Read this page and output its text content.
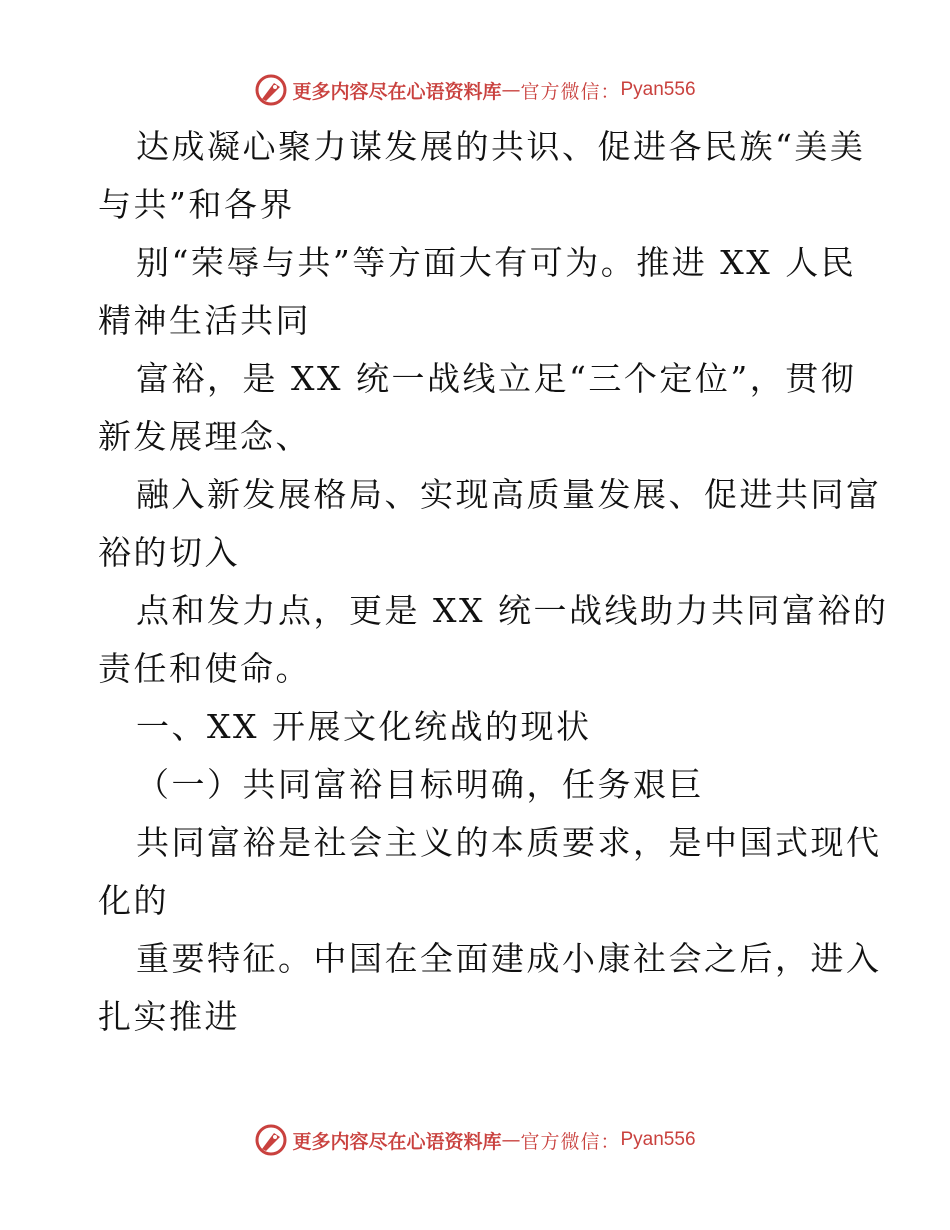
更多内容尽在心语资料库 — 官方微信： Pyan556
达成凝心聚力谋发展的共识、促进各民族“美美
与共”和各界
别“荣辱与共”等方面大有可为。推进 XX 人民
精神生活共同
富裕，是 XX 统一战线立足“三个定位”，贯彻
新发展理念、
融入新发展格局、实现高质量发展、促进共同富
裕的切入
点和发力点，更是 XX 统一战线助力共同富裕的
责任和使命。
一、XX 开展文化统战的现状
（一）共同富裕目标明确，任务艰巨
共同富裕是社会主义的本质要求，是中国式现代
化的
重要特征。中国在全面建成小康社会之后，进入
扎实推进
更多内容尽在心语资料库 — 官方微信： Pyan556
